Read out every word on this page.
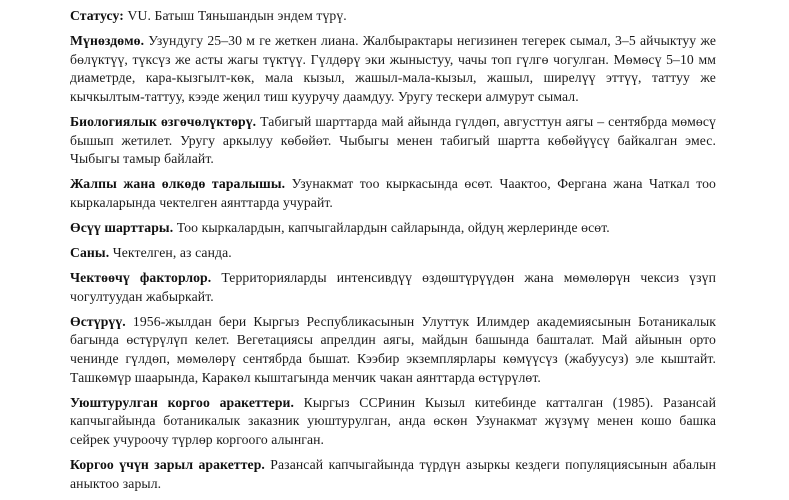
Статусу: VU. Батыш Тяньшандын эндем түрү.

Мүнөздөмө. Узундугу 25–30 м ге жеткен лиана. Жалбырактары негизинен тегерек сымал, 3–5 айчыктуу же бөлүктүү, түксүз же асты жагы түктүү. Гүлдөрү эки жыныстуу, чачы топ гүлгө чогулган. Мөмөсү 5–10 мм диаметрде, кара-кызгылт-көк, мала кызыл, жашыл-мала-кызыл, жашыл, ширелүү эттүү, таттуу же кычкылтым-таттуу, кээде жеңил тиш кууручу даамдуу. Уругу тескери алмурут сымал.

Биологиялык өзгөчөлүктөрү. Табигый шарттарда май айында гүлдөп, августтун аягы – сентябрда мөмөсү бышып жетилет. Уругу аркылуу көбөйөт. Чыбыгы менен табигый шартта көбөйүүсү байкалган эмес. Чыбыгы тамыр байлайт.

Жалпы жана өлкөдө таралышы. Узунакмат тоо кыркасында өсөт. Чаактоо, Фергана жана Чаткал тоо кыркаларында чектелген аянттарда учурайт.

Өсүү шарттары. Тоо кыркалардын, капчыгайлардын сайларында, ойдуң жерлеринде өсөт.

Саны. Чектелген, аз санда.

Чектөөчү факторлор. Территорияларды интенсивдүү өздөштүрүүдөн жана мөмөлөрүн чексиз үзүп чогултуудан жабыркайт.

Өстүрүү. 1956-жылдан бери Кыргыз Республикасынын Улуттук Илимдер академиясынын Ботаникалык багында өстүрүлүп келет. Вегетациясы апрелдин аягы, майдын башында башталат. Май айынын орто ченинде гүлдөп, мөмөлөрү сентябрда бышат. Кээбир экземплярлары көмүүсүз (жабуусуз) эле кыштайт. Ташкөмүр шаарында, Каракөл кыштагында менчик чакан аянттарда өстүрүлөт.

Уюштурулган коргоо аракеттери. Кыргыз ССРинин Кызыл китебинде катталган (1985). Разансай капчыгайында ботаникалык заказник уюштурулган, анда өскөн Узунакмат жүзүмү менен кошо башка сейрек учуроочу түрлөр коргоого алынган.

Коргоо үчүн зарыл аракеттер. Разансай капчыгайында түрдүн азыркы кездеги популяциясынын абалын аныктоо зарыл.
